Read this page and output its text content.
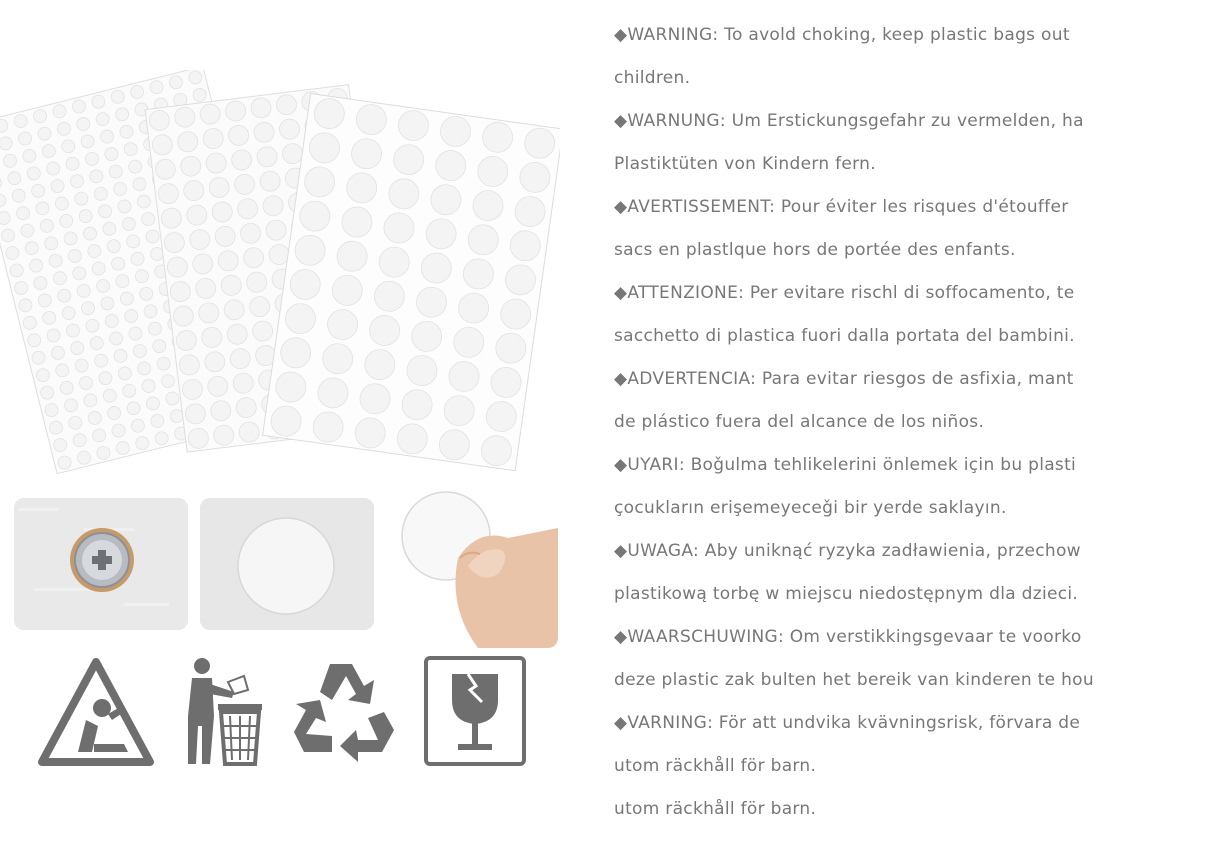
◆WARNING: To avold choking, keep plastic bags out
children.
◆WARNUNG: Um Erstickungsgefahr zu vermelden, ha
Plastiktüten von Kindern fern.
◆AVERTISSEMENT: Pour éviter les risques d'étouffer
sacs en plastlque hors de portée des enfants.
◆ATTENZIONE: Per evitare rischl di soffocamento, te
sacchetto di plastica fuori dalla portata del bambini.
◆ADVERTENCIA: Para evitar riesgos de asfixia, mant
de plástico fuera del alcance de los niños.
◆UYARI: Boǧulma tehlikelerini önlemek için bu plasti
çocukların erişemeyeceǧi bir yerde saklayın.
◆UWAGA: Aby uniknąć ryzyka zadławienia, przechow
plastikową torbę w miejscu niedostępnym dla dzieci.
◆WAARSCHUWING: Om verstikkingsgevaar te voorko
deze plastic zak bulten het bereik van kinderen te hou
◆VARNING: För att undvika kvävningsrisk, förvara de
utom räckhåll för barn.
utom räckhåll för barn.
